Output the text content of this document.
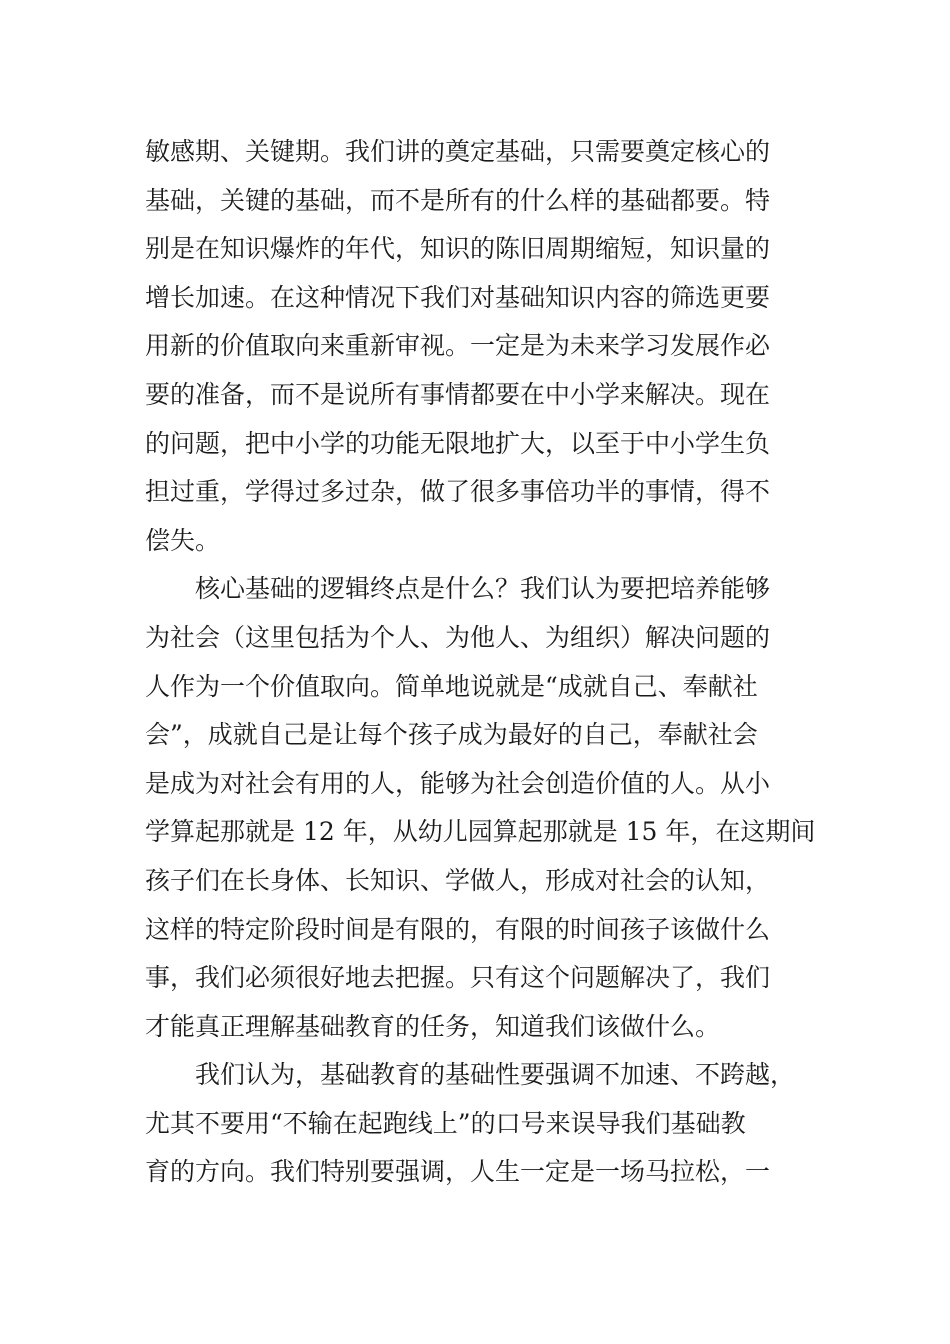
敏感期、关键期。我们讲的奠定基础，只需要奠定核心的
基础，关键的基础，而不是所有的什么样的基础都要。特
别是在知识爆炸的年代，知识的陈旧周期缩短，知识量的
增长加速。在这种情况下我们对基础知识内容的筛选更要
用新的价值取向来重新审视。一定是为未来学习发展作必
要的准备，而不是说所有事情都要在中小学来解决。现在
的问题，把中小学的功能无限地扩大，以至于中小学生负
担过重，学得过多过杂，做了很多事倍功半的事情，得不
偿失。
核心基础的逻辑终点是什么？我们认为要把培养能够
为社会（这里包括为个人、为他人、为组织）解决问题的
人作为一个价值取向。简单地说就是“成就自己、奉献社
会”，成就自己是让每个孩子成为最好的自己，奉献社会
是成为对社会有用的人，能够为社会创造价值的人。从小
学算起那就是 12 年，从幼儿园算起那就是 15 年，在这期间
孩子们在长身体、长知识、学做人，形成对社会的认知，
这样的特定阶段时间是有限的，有限的时间孩子该做什么
事，我们必须很好地去把握。只有这个问题解决了，我们
才能真正理解基础教育的任务，知道我们该做什么。
我们认为，基础教育的基础性要强调不加速、不跨越，
尤其不要用“不输在起跑线上”的口号来误导我们基础教
育的方向。我们特别要强调，人生一定是一场马拉松，一
